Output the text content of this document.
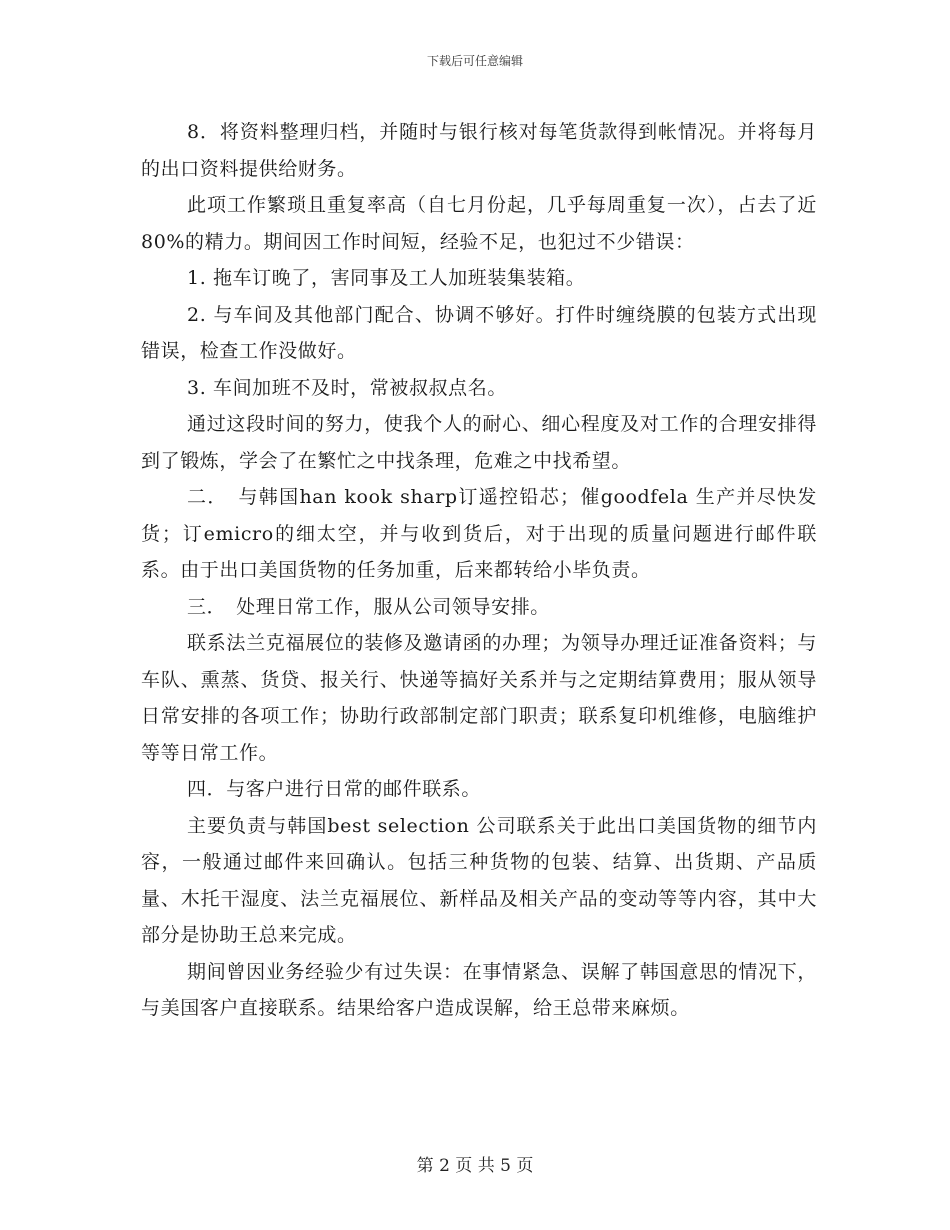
下载后可任意编辑

8．将资料整理归档，并随时与银行核对每笔货款得到帐情况。并将每月的出口资料提供给财务。

此项工作繁琐且重复率高（自七月份起，几乎每周重复一次），占去了近80%的精力。期间因工作时间短，经验不足，也犯过不少错误：

1. 拖车订晚了，害同事及工人加班装集装箱。

2. 与车间及其他部门配合、协调不够好。打件时缠绕膜的包装方式出现错误，检查工作没做好。

3. 车间加班不及时，常被叔叔点名。

通过这段时间的努力，使我个人的耐心、细心程度及对工作的合理安排得到了锻炼，学会了在繁忙之中找条理，危难之中找希望。

二．　与韩国han kook sharp订遥控铅芯；催goodfela 生产并尽快发货；订emicro的细太空，并与收到货后，对于出现的质量问题进行邮件联系。由于出口美国货物的任务加重，后来都转给小毕负责。

三．　处理日常工作，服从公司领导安排。

联系法兰克福展位的装修及邀请函的办理；为领导办理迁证准备资料；与车队、熏蒸、货贷、报关行、快递等搞好关系并与之定期结算费用；服从领导日常安排的各项工作；协助行政部制定部门职责；联系复印机维修，电脑维护等等日常工作。

四．与客户进行日常的邮件联系。

主要负责与韩国best selection 公司联系关于此出口美国货物的细节内容，一般通过邮件来回确认。包括三种货物的包装、结算、出货期、产品质量、木托干湿度、法兰克福展位、新样品及相关产品的变动等等内容，其中大部分是协助王总来完成。

期间曾因业务经验少有过失误：在事情紧急、误解了韩国意思的情况下，与美国客户直接联系。结果给客户造成误解，给王总带来麻烦。

第 2 页 共 5 页
